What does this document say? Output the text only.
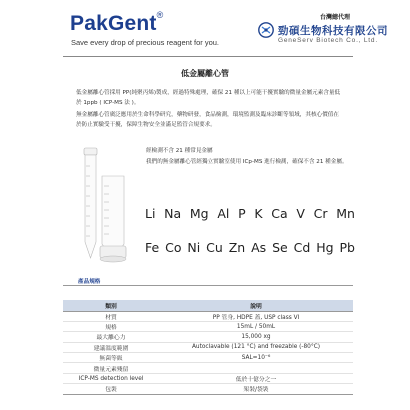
PakGent®
Save every drop of precious reagent for you.
台灣總代理
勁碩生物科技有限公司
GeneServ Biotech Co., Ltd.
低金屬離心管

低金屬離心管採用 PP(純聚丙烯)製成，經過特殊處理，確保 21 種以上可能干擾實驗的微量金屬元素含量低於 1ppb ( ICP-MS 法 )。

無金屬離心管廣泛應用於生命科學研究，藥物研發，食品檢測，環境監測及臨床診斷等領域，其核心價值在於防止實驗受干擾，保障生物安全並滿足監管合規要求。

經檢測不含 21 種常見金屬
我們的無金屬離心管經獨立實驗室使用 ICp-MS 進行檢測，確保不含 21 種金屬。
Li Na Mg Al P K Ca V Cr Mn
Fe Co Ni Cu Zn As Se Cd Hg Pb
產品規格
類別	說明
材質	PP 管身, HDPE 蓋, USP class VI
規格	15mL / 50mL
最大離心力	15,000 xg
建議溫度範圍	Autoclavable (121 °C) and freezable (-80°C)
無菌等級	SAL=10⁻⁶
微量元素殘留	
ICP-MS detection level	低於十億分之一
包裝	架裝/袋裝
